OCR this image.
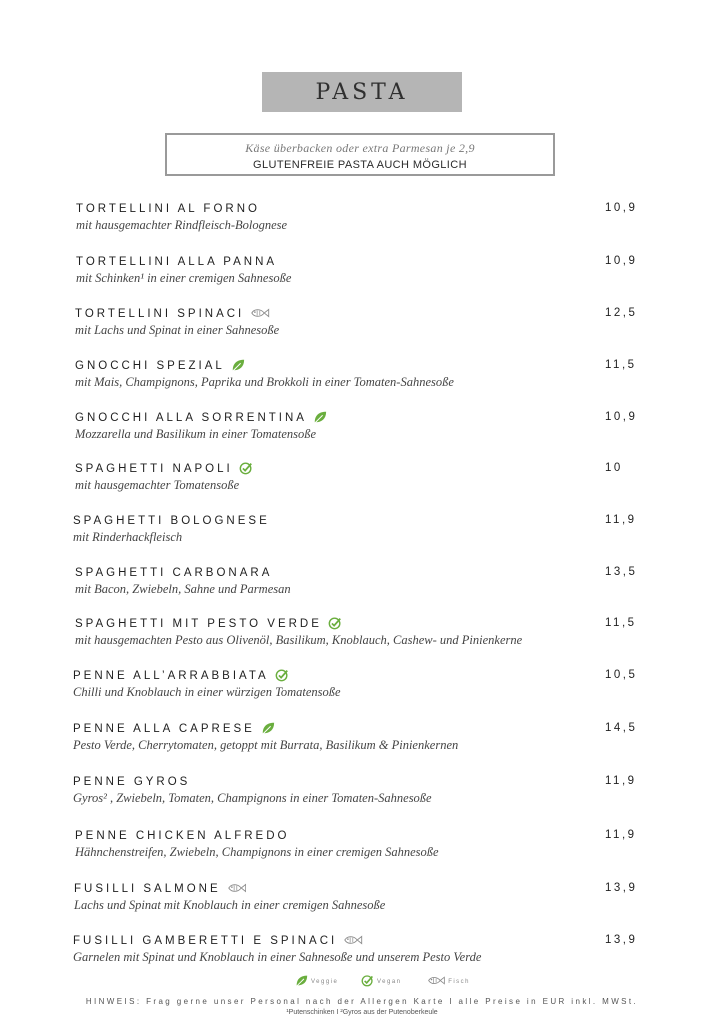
PASTA
Käse überbacken oder extra Parmesan je 2,9
GLUTENFREIE PASTA AUCH MÖGLICH
TORTELLINI AL FORNO
mit hausgemachter Rindfleisch-Bolognese
10,9
TORTELLINI ALLA PANNA
mit Schinken¹ in einer cremigen Sahnesoße
10,9
TORTELLINI SPINACI
mit Lachs und Spinat in einer Sahnesoße
12,5
GNOCCHI SPEZIAL
mit Mais, Champignons, Paprika und Brokkoli in einer Tomaten-Sahnesoße
11,5
GNOCCHI ALLA SORRENTINA
Mozzarella und Basilikum in einer Tomatensoße
10,9
SPAGHETTI NAPOLI
mit hausgemachter Tomatensoße
10
SPAGHETTI BOLOGNESE
mit Rinderhackfleisch
11,9
SPAGHETTI CARBONARA
mit Bacon, Zwiebeln, Sahne und Parmesan
13,5
SPAGHETTI MIT PESTO VERDE
mit hausgemachten Pesto aus Olivenöl, Basilikum, Knoblauch, Cashew- und Pinienkerne
11,5
PENNE ALL’ARRABBIATA
Chilli und Knoblauch in einer würzigen Tomatensoße
10,5
PENNE ALLA CAPRESE
Pesto Verde, Cherrytomaten, getoppt mit Burrata, Basilikum & Pinienkernen
14,5
PENNE GYROS
Gyros² , Zwiebeln, Tomaten, Champignons in einer Tomaten-Sahnesoße
11,9
PENNE CHICKEN ALFREDO
Hähnchenstreifen, Zwiebeln, Champignons in einer cremigen Sahnesoße
11,9
FUSILLI SALMONE
Lachs und Spinat mit Knoblauch in einer cremigen Sahnesoße
13,9
FUSILLI GAMBERETTI E SPINACI
Garnelen mit Spinat und Knoblauch in einer Sahnesoße und unserem Pesto Verde
13,9
Veggie	Vegan	Fisch
HINWEIS: Frag gerne unser Personal nach der Allergen Karte I alle Preise in EUR inkl. MWSt.
¹Putenschinken I ²Gyros aus der Putenoberkeule
